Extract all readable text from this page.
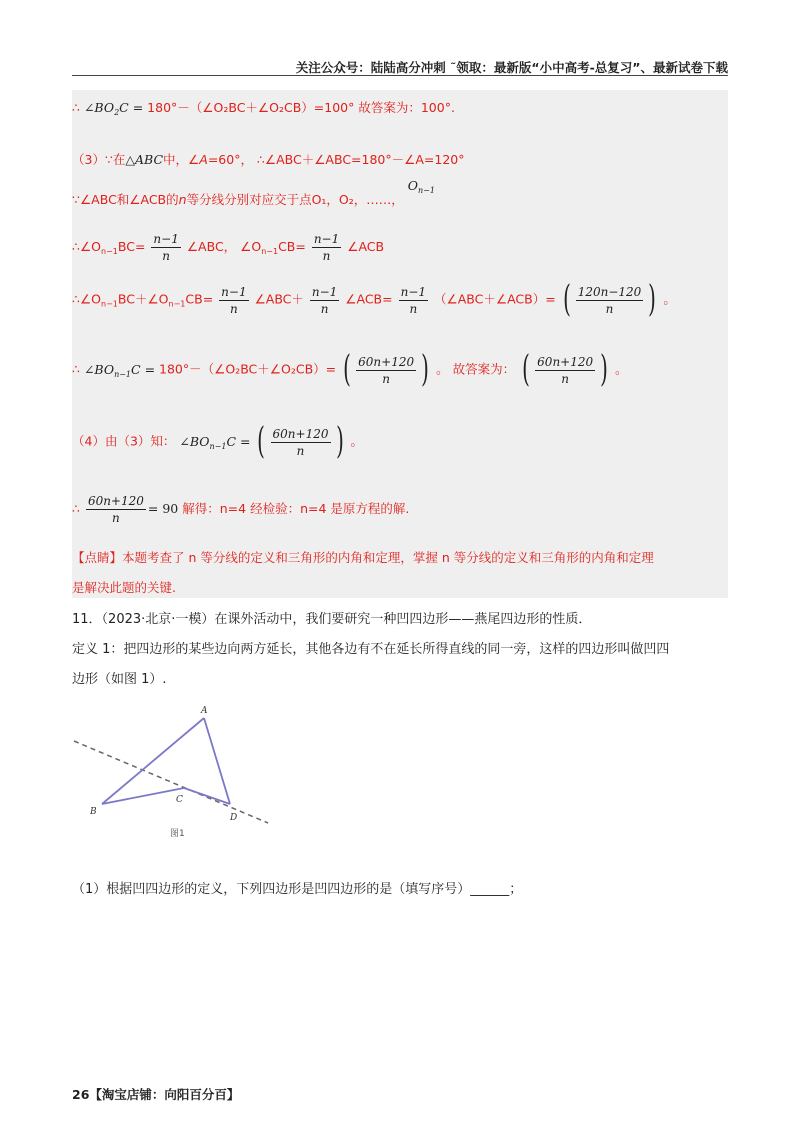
关注公众号：陆陆高分冲刺 ˜领取：最新版“小中高考-总复习”、最新试卷下载
∴ $\angle BO_2C$ = 180°－（∠O₂BC＋∠O₂CB）=100° 故答案为：100°.
（3）∵在△ABC中，∠A=60°， ∴∠ABC＋∠ABC=180°－∠A=120°
∵∠ABC和∠ACB的n等分线分别对应交于点O₁，O₂，……， $O_{n-1}$
$\therefore\angle O_{n-1}BC= \frac{n-1}{n}$ ∠ABC， $\angle O_{n-1}CB= \frac{n-1}{n}$ ∠ACB
$\therefore\angle O_{n-1}BC+\angle O_{n-1}CB= \frac{n-1}{n}$ ∠ABC＋ $\frac{n-1}{n}$ ∠ACB= $\frac{n-1}{n}$ （∠ABC＋∠ACB）= ( $\frac{120n-120}{n}$ ) 。
∴ $\angle BO_{n-1}C$ = 180°－（∠O₂BC＋∠O₂CB）= ( $\frac{60n+120}{n}$ ) 。 故答案为： ( $\frac{60n+120}{n}$ ) 。
（4）由（3）知： $\angle BO_{n-1}C$ = ( $\frac{60n+120}{n}$ ) 。
∴ $\frac{60n+120}{n} = 90$ 解得：n=4 经检验：n=4 是原方程的解.
【点睛】本题考查了 n 等分线的定义和三角形的内角和定理，掌握 n 等分线的定义和三角形的内角和定理
是解决此题的关键.
11．（2023·北京·一模）在课外活动中，我们要研究一种凹四边形——燕尾四边形的性质．
定义 1：把四边形的某些边向两方延长，其他各边有不在延长所得直线的同一旁，这样的四边形叫做凹四
边形（如图 1）.
A
B
C
D
图1
（1）根据凹四边形的定义，下列四边形是凹四边形的是（填写序号）______；
26【淘宝店铺：向阳百分百】
